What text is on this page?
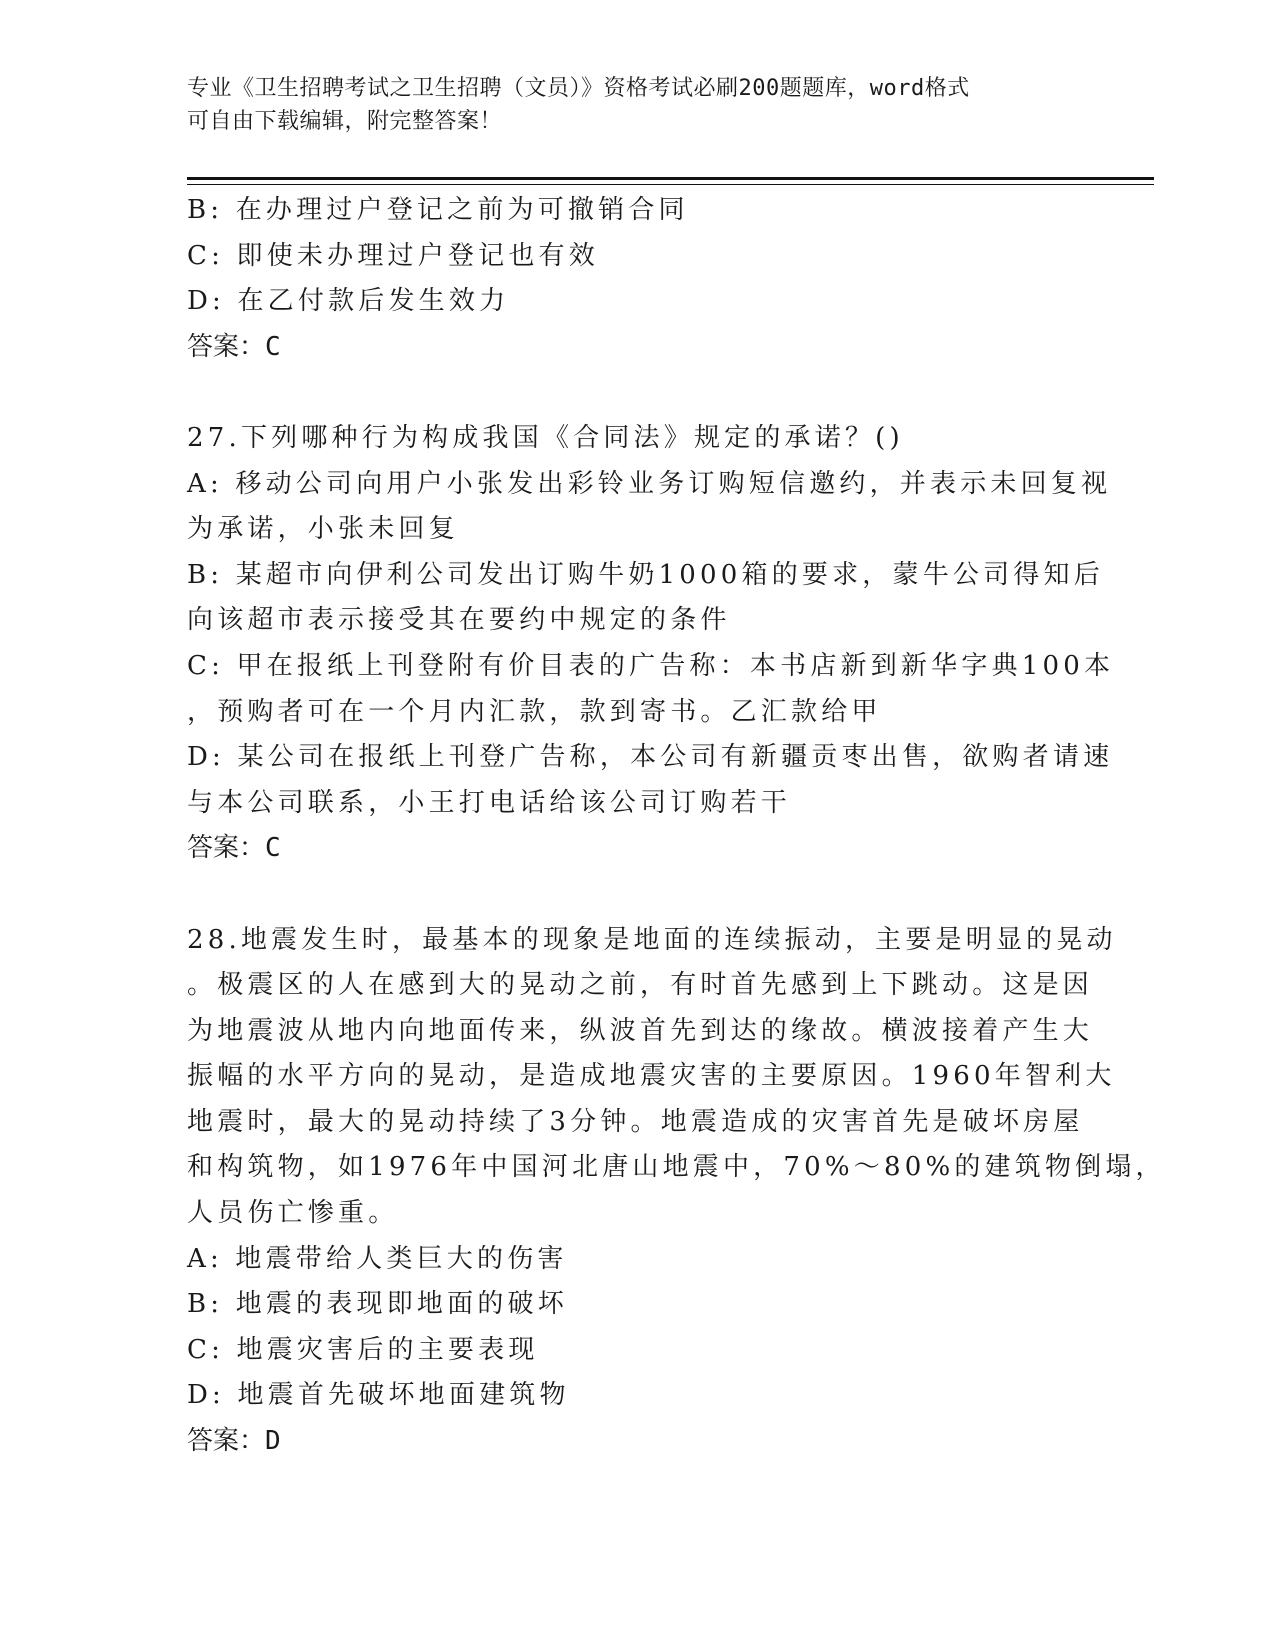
专业《卫生招聘考试之卫生招聘（文员）》资格考试必刷200题题库，word格式
可自由下载编辑，附完整答案！
B: 在办理过户登记之前为可撤销合同
C: 即使未办理过户登记也有效
D: 在乙付款后发生效力
答案：C
27.下列哪种行为构成我国《合同法》规定的承诺？()
A: 移动公司向用户小张发出彩铃业务订购短信邀约，并表示未回复视
为承诺，小张未回复
B: 某超市向伊利公司发出订购牛奶1000箱的要求，蒙牛公司得知后
向该超市表示接受其在要约中规定的条件
C: 甲在报纸上刊登附有价目表的广告称：本书店新到新华字典100本
，预购者可在一个月内汇款，款到寄书。乙汇款给甲
D: 某公司在报纸上刊登广告称，本公司有新疆贡枣出售，欲购者请速
与本公司联系，小王打电话给该公司订购若干
答案：C
28.地震发生时，最基本的现象是地面的连续振动，主要是明显的晃动
。极震区的人在感到大的晃动之前，有时首先感到上下跳动。这是因
为地震波从地内向地面传来，纵波首先到达的缘故。横波接着产生大
振幅的水平方向的晃动，是造成地震灾害的主要原因。1960年智利大
地震时，最大的晃动持续了3分钟。地震造成的灾害首先是破坏房屋
和构筑物，如1976年中国河北唐山地震中，70%～80%的建筑物倒塌，
人员伤亡惨重。
A: 地震带给人类巨大的伤害
B: 地震的表现即地面的破坏
C: 地震灾害后的主要表现
D: 地震首先破坏地面建筑物
答案：D
